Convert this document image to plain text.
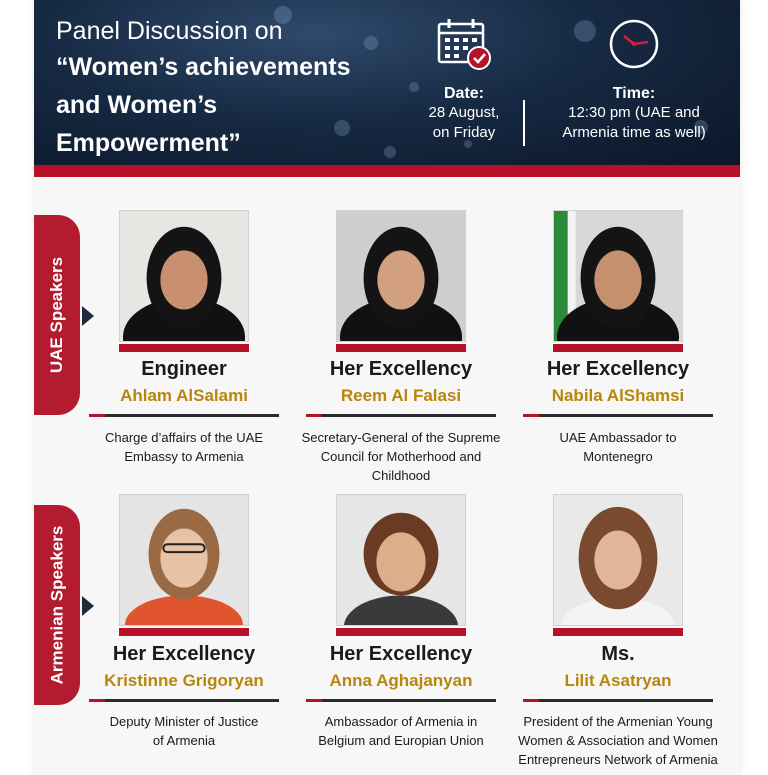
Panel Discussion on
“Women’s achievements
and Women’s
Empowerment”
Date:
28 August,
on Friday
Time:
12:30 pm (UAE and
Armenia time as well)
UAE Speakers
Armenian Speakers
Engineer
Ahlam AlSalami
Charge d’affairs of the UAE
Embassy to Armenia
Her Excellency
Reem Al Falasi
Secretary-General of the Supreme
Council for Motherhood and
Childhood
Her Excellency
Nabila AlShamsi
UAE Ambassador to
Montenegro
Her Excellency
Kristinne Grigoryan
Deputy Minister of Justice
of Armenia
Her Excellency
Anna Aghajanyan
Ambassador of Armenia in
Belgium and Europian Union
Ms.
Lilit Asatryan
President of the Armenian Young
Women & Association and Women
Entrepreneurs Network of Armenia
